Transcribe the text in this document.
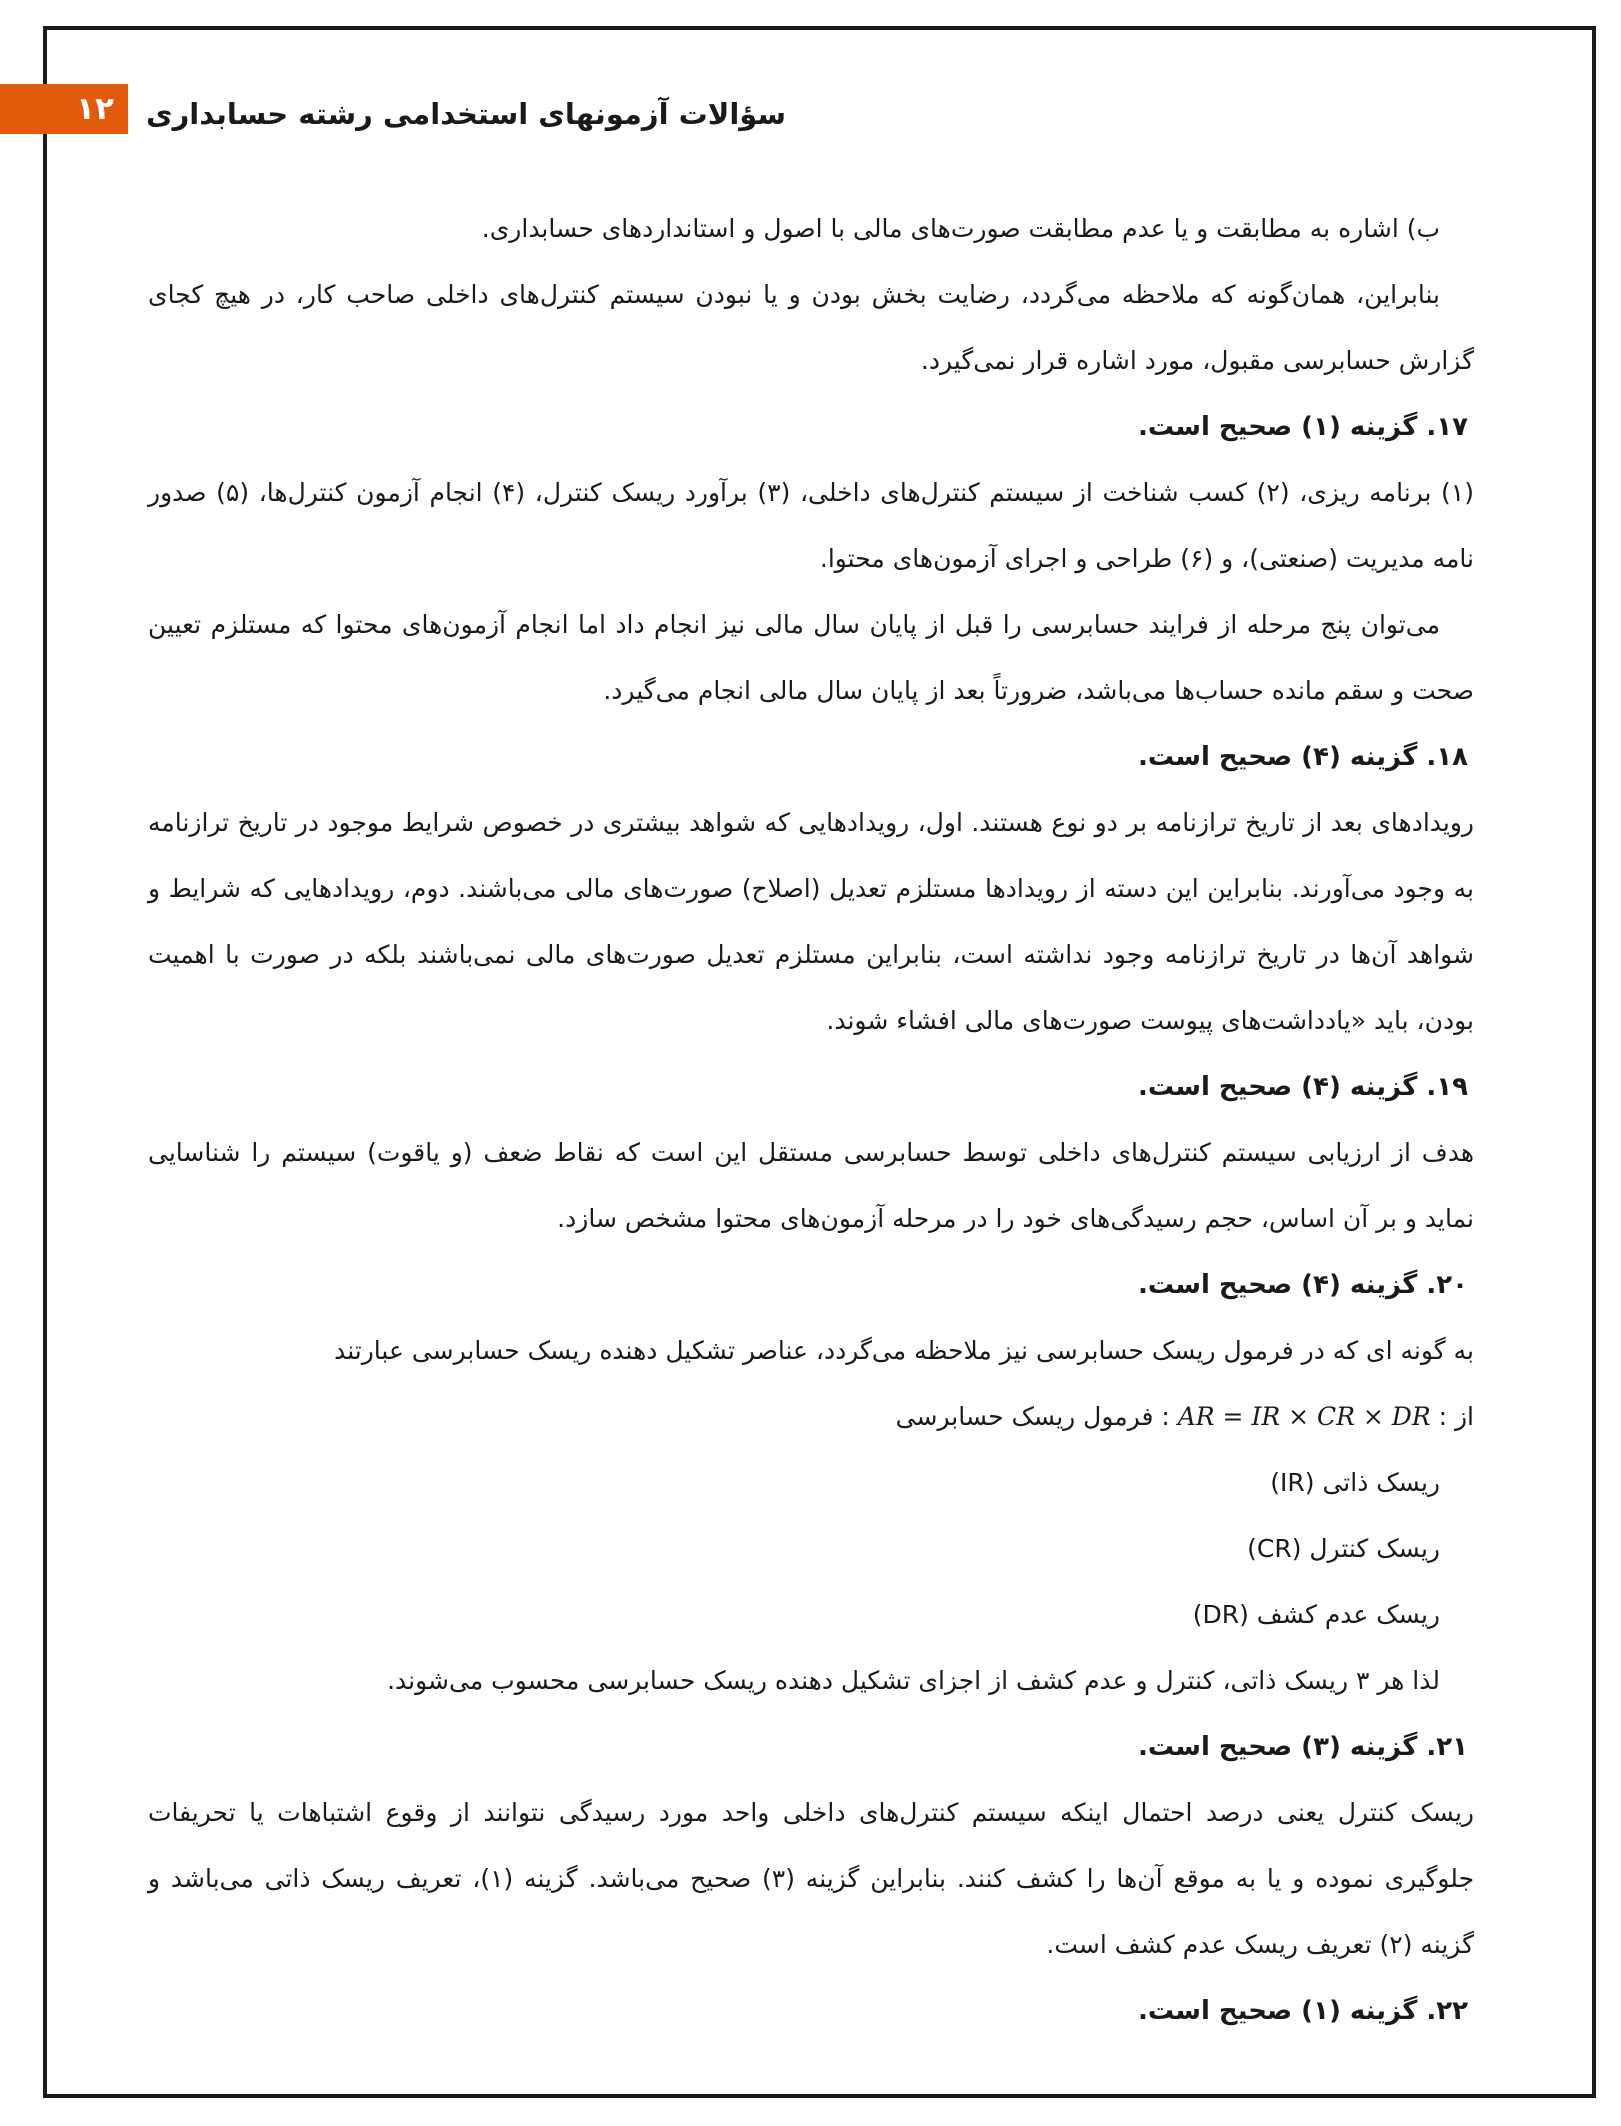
۱۲ سؤالات آزمونهای استخدامی رشته حسابداری

ب) اشاره به مطابقت و یا عدم مطابقت صورت‌های مالی با اصول و استانداردهای حسابداری.

بنابراین، همان‌گونه که ملاحظه می‌گردد، رضایت بخش بودن و یا نبودن سیستم کنترل‌های داخلی صاحب کار، در هیچ کجای گزارش حسابرسی مقبول، مورد اشاره قرار نمی‌گیرد.

۱۷. گزینه (۱) صحیح است.

(۱) برنامه ریزی، (۲) کسب شناخت از سیستم کنترل‌های داخلی، (۳) برآورد ریسک کنترل، (۴) انجام آزمون کنترل‌ها، (۵) صدور نامه مدیریت (صنعتی)، و (۶) طراحی و اجرای آزمون‌های محتوا.

می‌توان پنج مرحله از فرایند حسابرسی را قبل از پایان سال مالی نیز انجام داد اما انجام آزمون‌های محتوا که مستلزم تعیین صحت و سقم مانده حساب‌ها می‌باشد، ضرورتاً بعد از پایان سال مالی انجام می‌گیرد.

۱۸. گزینه (۴) صحیح است.

رویدادهای بعد از تاریخ ترازنامه بر دو نوع هستند. اول، رویدادهایی که شواهد بیشتری در خصوص شرایط موجود در تاریخ ترازنامه به وجود می‌آورند. بنابراین این دسته از رویدادها مستلزم تعدیل (اصلاح) صورت‌های مالی می‌باشند. دوم، رویدادهایی که شرایط و شواهد آن‌ها در تاریخ ترازنامه وجود نداشته است، بنابراین مستلزم تعدیل صورت‌های مالی نمی‌باشند بلکه در صورت با اهمیت بودن، باید «یادداشت‌های پیوست صورت‌های مالی افشاء شوند.

۱۹. گزینه (۴) صحیح است.

هدف از ارزیابی سیستم کنترل‌های داخلی توسط حسابرسی مستقل این است که نقاط ضعف (و یاقوت) سیستم را شناسایی نماید و بر آن اساس، حجم رسیدگی‌های خود را در مرحله آزمون‌های محتوا مشخص سازد.

۲۰. گزینه (۴) صحیح است.

به گونه ای که در فرمول ریسک حسابرسی نیز ملاحظه می‌گردد، عناصر تشکیل دهنده ریسک حسابرسی عبارتند

از : AR = IR × CR × DR : فرمول ریسک حسابرسی

ریسک ذاتی (IR)

ریسک کنترل (CR)

ریسک عدم کشف (DR)

لذا هر ۳ ریسک ذاتی، کنترل و عدم کشف از اجزای تشکیل دهنده ریسک حسابرسی محسوب می‌شوند.

۲۱. گزینه (۳) صحیح است.

ریسک کنترل یعنی درصد احتمال اینکه سیستم کنترل‌های داخلی واحد مورد رسیدگی نتوانند از وقوع اشتباهات یا تحریفات جلوگیری نموده و یا به موقع آن‌ها را کشف کنند. بنابراین گزینه (۳) صحیح می‌باشد. گزینه (۱)، تعریف ریسک ذاتی می‌باشد و گزینه (۲) تعریف ریسک عدم کشف است.

۲۲. گزینه (۱) صحیح است.
